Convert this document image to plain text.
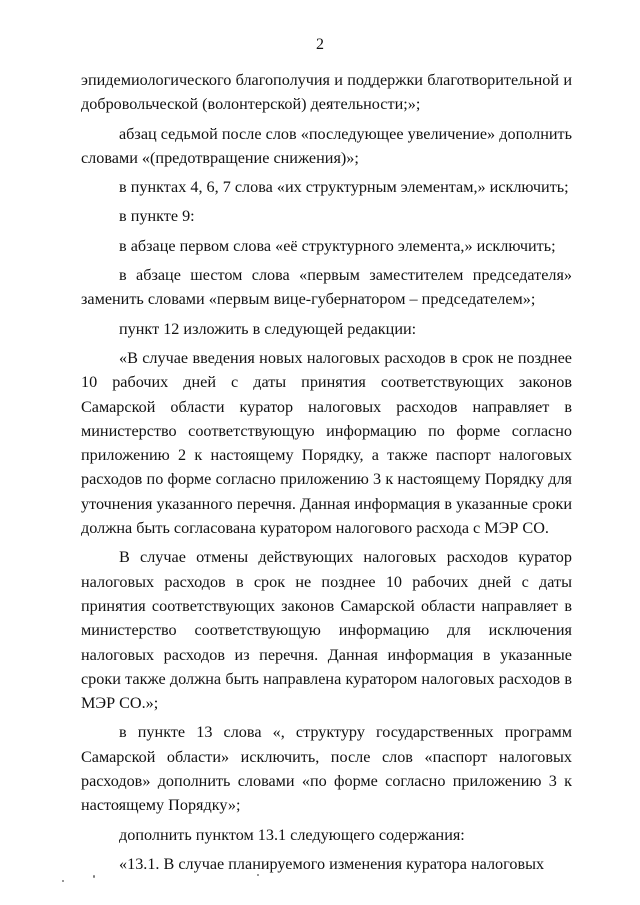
2

эпидемиологического благополучия и поддержки благотворительной и добровольческой (волонтерской) деятельности;»;

абзац седьмой после слов «последующее увеличение» дополнить словами «(предотвращение снижения)»;

в пунктах 4, 6, 7 слова «их структурным элементам,» исключить;

в пункте 9:

в абзаце первом слова «её структурного элемента,» исключить;

в абзаце шестом слова «первым заместителем председателя» заменить словами «первым вице-губернатором – председателем»;

пункт 12 изложить в следующей редакции:

«В случае введения новых налоговых расходов в срок не позднее 10 рабочих дней с даты принятия соответствующих законов Самарской области куратор налоговых расходов направляет в министерство соответствующую информацию по форме согласно приложению 2 к настоящему Порядку, а также паспорт налоговых расходов по форме согласно приложению 3 к настоящему Порядку для уточнения указанного перечня. Данная информация в указанные сроки должна быть согласована куратором налогового расхода с МЭР СО.

В случае отмены действующих налоговых расходов куратор налоговых расходов в срок не позднее 10 рабочих дней с даты принятия соответствующих законов Самарской области направляет в министерство соответствующую информацию для исключения налоговых расходов из перечня. Данная информация в указанные сроки также должна быть направлена куратором налоговых расходов в МЭР СО.»;

в пункте 13 слова «, структуру государственных программ Самарской области» исключить, после слов «паспорт налоговых расходов» дополнить словами «по форме согласно приложению 3 к настоящему Порядку»;

дополнить пунктом 13.1 следующего содержания:

«13.1. В случае планируемого изменения куратора налоговых
